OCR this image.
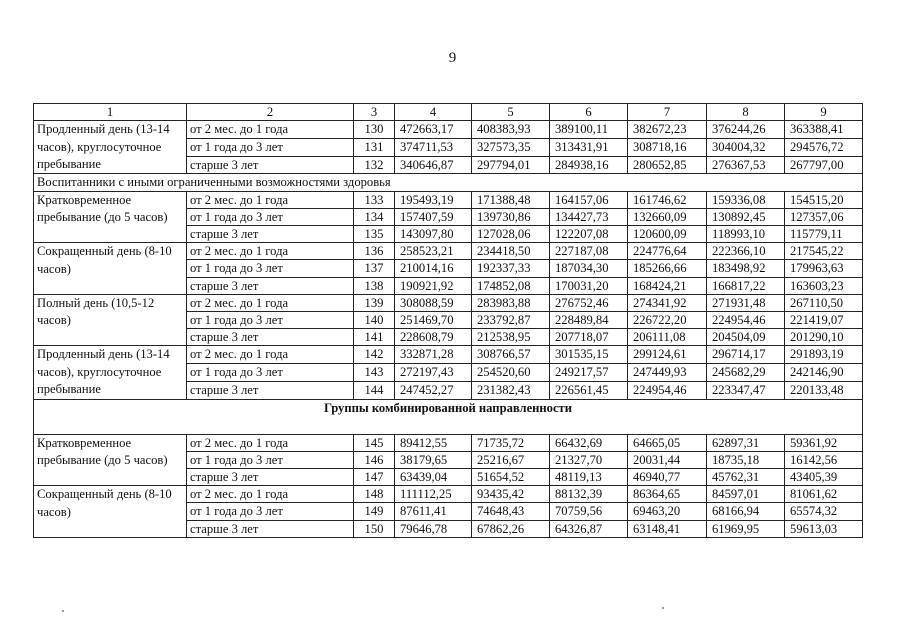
9
1	2	3	4	5	6	7	8	9
Продленный день (13-14 часов), круглосуточное пребывание	от 2 мес. до 1 года	130	472663,17	408383,93	389100,11	382672,23	376244,26	363388,41
	от 1 года до 3 лет	131	374711,53	327573,35	313431,91	308718,16	304004,32	294576,72
	старше 3 лет	132	340646,87	297794,01	284938,16	280652,85	276367,53	267797,00
Воспитанники с иными ограниченными возможностями здоровья								
Кратковременное пребывание (до 5 часов)	от 2 мес. до 1 года	133	195493,19	171388,48	164157,06	161746,62	159336,08	154515,20
	от 1 года до 3 лет	134	157407,59	139730,86	134427,73	132660,09	130892,45	127357,06
	старше 3 лет	135	143097,80	127028,06	122207,08	120600,09	118993,10	115779,11
Сокращенный день (8-10 часов)	от 2 мес. до 1 года	136	258523,21	234418,50	227187,08	224776,64	222366,10	217545,22
	от 1 года до 3 лет	137	210014,16	192337,33	187034,30	185266,66	183498,92	179963,63
	старше 3 лет	138	190921,92	174852,08	170031,20	168424,21	166817,22	163603,23
Полный день (10,5-12 часов)	от 2 мес. до 1 года	139	308088,59	283983,88	276752,46	274341,92	271931,48	267110,50
	от 1 года до 3 лет	140	251469,70	233792,87	228489,84	226722,20	224954,46	221419,07
	старше 3 лет	141	228608,79	212538,95	207718,07	206111,08	204504,09	201290,10
Продленный день (13-14 часов), круглосуточное пребывание	от 2 мес. до 1 года	142	332871,28	308766,57	301535,15	299124,61	296714,17	291893,19
	от 1 года до 3 лет	143	272197,43	254520,60	249217,57	247449,93	245682,29	242146,90
	старше 3 лет	144	247452,27	231382,43	226561,45	224954,46	223347,47	220133,48
Группы комбинированной направленности								
Кратковременное пребывание (до 5 часов)	от 2 мес. до 1 года	145	89412,55	71735,72	66432,69	64665,05	62897,31	59361,92
	от 1 года до 3 лет	146	38179,65	25216,67	21327,70	20031,44	18735,18	16142,56
	старше 3 лет	147	63439,04	51654,52	48119,13	46940,77	45762,31	43405,39
Сокращенный день (8-10 часов)	от 2 мес. до 1 года	148	111112,25	93435,42	88132,39	86364,65	84597,01	81061,62
	от 1 года до 3 лет	149	87611,41	74648,43	70759,56	69463,20	68166,94	65574,32
	старше 3 лет	150	79646,78	67862,26	64326,87	63148,41	61969,95	59613,03
